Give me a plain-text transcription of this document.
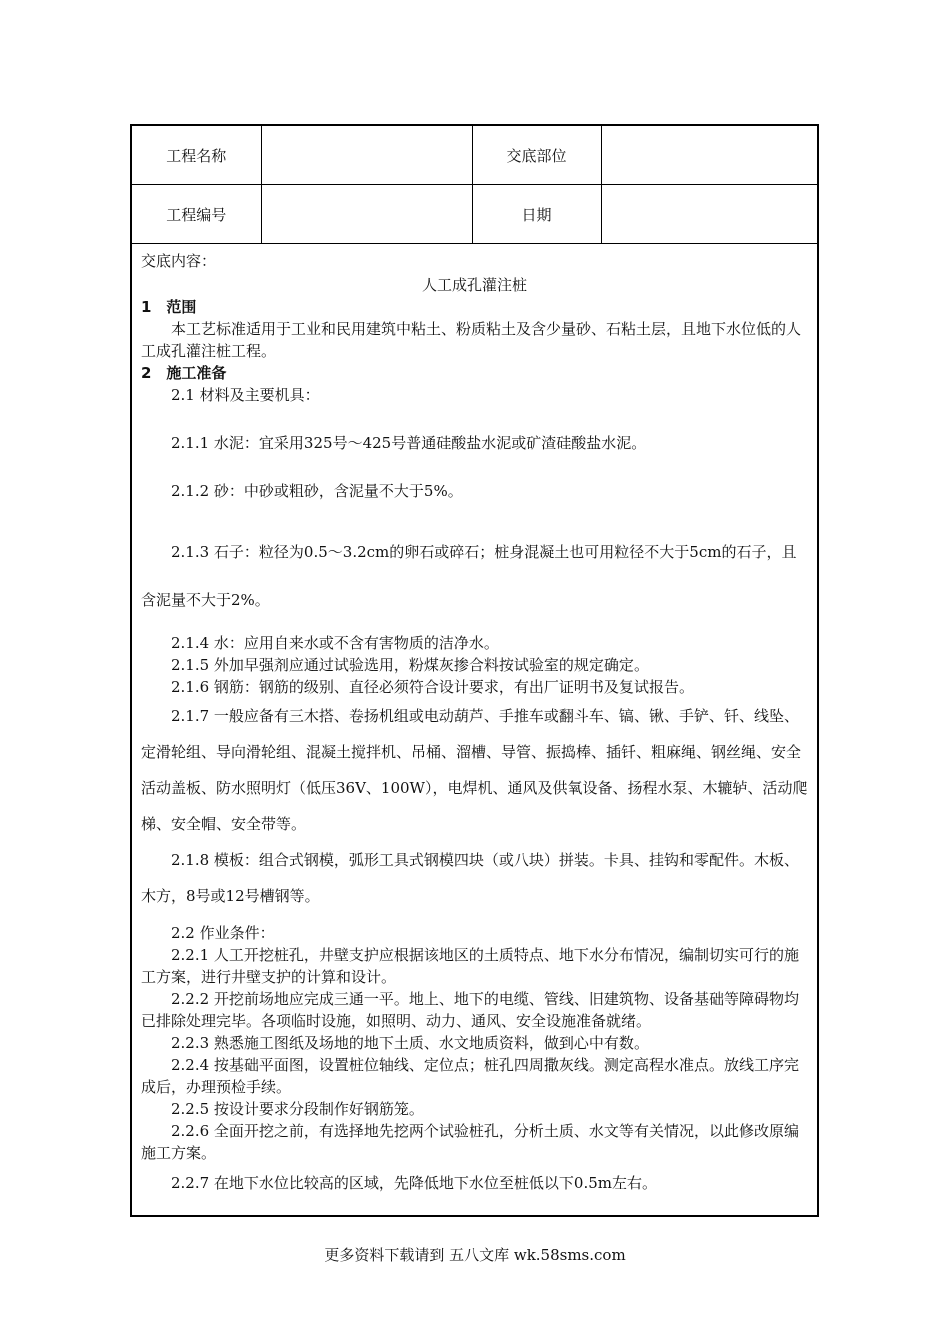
工程名称		交底部位	
工程编号		日期	

交底内容：

人工成孔灌注桩

1　范围

本工艺标准适用于工业和民用建筑中粘土、粉质粘土及含少量砂、石粘土层，且地下水位低的人工成孔灌注桩工程。

2　施工准备

2.1 材料及主要机具：

2.1.1 水泥：宜采用325号～425号普通硅酸盐水泥或矿渣硅酸盐水泥。

2.1.2 砂：中砂或粗砂，含泥量不大于5%。

2.1.3 石子：粒径为0.5～3.2cm的卵石或碎石；桩身混凝土也可用粒径不大于5cm的石子，且含泥量不大于2%。

2.1.4 水：应用自来水或不含有害物质的洁净水。

2.1.5 外加早强剂应通过试验选用，粉煤灰掺合料按试验室的规定确定。

2.1.6 钢筋：钢筋的级别、直径必须符合设计要求，有出厂证明书及复试报告。

2.1.7 一般应备有三木搭、卷扬机组或电动葫芦、手推车或翻斗车、镐、锹、手铲、钎、线坠、定滑轮组、导向滑轮组、混凝土搅拌机、吊桶、溜槽、导管、振捣棒、插钎、粗麻绳、钢丝绳、安全活动盖板、防水照明灯（低压36V、100W），电焊机、通风及供氧设备、扬程水泵、木辘轳、活动爬梯、安全帽、安全带等。

2.1.8 模板：组合式钢模，弧形工具式钢模四块（或八块）拼装。卡具、挂钩和零配件。木板、木方，8号或12号槽钢等。

2.2 作业条件：

2.2.1 人工开挖桩孔，井壁支护应根据该地区的土质特点、地下水分布情况，编制切实可行的施工方案，进行井壁支护的计算和设计。

2.2.2 开挖前场地应完成三通一平。地上、地下的电缆、管线、旧建筑物、设备基础等障碍物均已排除处理完毕。各项临时设施，如照明、动力、通风、安全设施准备就绪。

2.2.3 熟悉施工图纸及场地的地下土质、水文地质资料，做到心中有数。

2.2.4 按基础平面图，设置桩位轴线、定位点；桩孔四周撒灰线。测定高程水准点。放线工序完成后，办理预检手续。

2.2.5 按设计要求分段制作好钢筋笼。

2.2.6 全面开挖之前，有选择地先挖两个试验桩孔，分析土质、水文等有关情况，以此修改原编施工方案。

2.2.7 在地下水位比较高的区域，先降低地下水位至桩低以下0.5m左右。

更多资料下载请到 五八文库 wk.58sms.com
